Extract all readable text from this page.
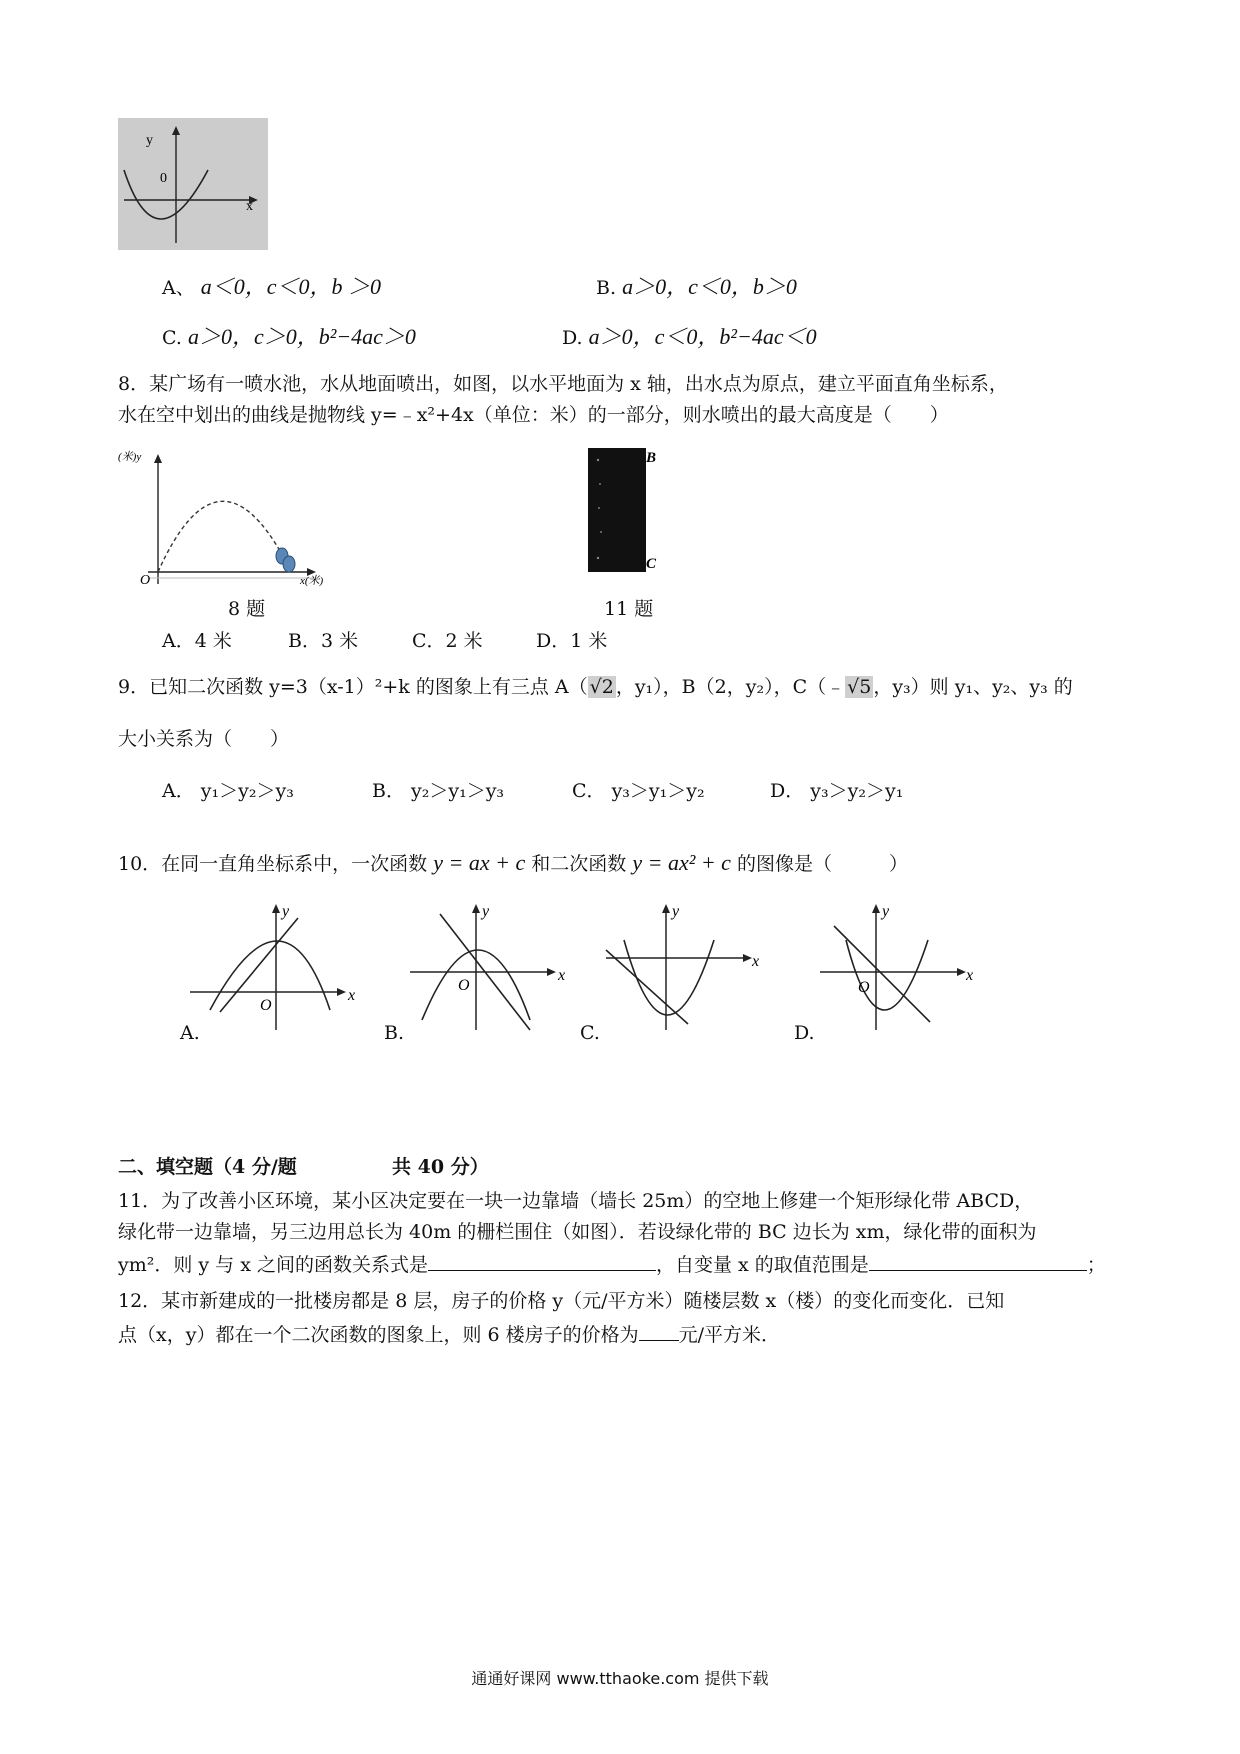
y
0
x
A、 a＜0，c＜0，b ＞0	B. a＞0，c＜0，b＞0
C. a＞0，c＞0，b²−4ac＞0	D. a＞0，c＜0，b²−4ac＜0
8．某广场有一喷水池，水从地面喷出，如图，以水平地面为 x 轴，出水点为原点，建立平面直角坐标系，
水在空中划出的曲线是抛物线 y=﹣x²+4x（单位：米）的一部分，则水喷出的最大高度是（　　）
(米)y
O	x(米)
8 题
B
C
11 题
A．4 米	B．3 米	C．2 米	D．1 米
9．已知二次函数 y=3（x-1）²+k 的图象上有三点 A（ √2 ，y₁），B（2，y₂），C（﹣ √5 ，y₃）则 y₁、y₂、y₃ 的
大小关系为（　　）
A． y₁＞y₂＞y₃	B． y₂＞y₁＞y₃	C． y₃＞y₁＞y₂	D． y₃＞y₂＞y₁
10．在同一直角坐标系中，一次函数 y = ax + c 和二次函数 y = ax² + c 的图像是（　　　）
x
y
O
A.
x
y
O
B.
x
y
C.
x
y
O
D.
二、填空题（4 分/题	共 40 分）
11．为了改善小区环境，某小区决定要在一块一边靠墙（墙长 25m）的空地上修建一个矩形绿化带 ABCD，
绿化带一边靠墙，另三边用总长为 40m 的栅栏围住（如图）．若设绿化带的 BC 边长为 xm，绿化带的面积为
ym²．则 y 与 x 之间的函数关系式是	，自变量 x 的取值范围是	；
12．某市新建成的一批楼房都是 8 层，房子的价格 y（元/平方米）随楼层数 x（楼）的变化而变化．已知
点（x，y）都在一个二次函数的图象上，则 6 楼房子的价格为 元/平方米．
通通好课网 www.tthaoke.com 提供下载
